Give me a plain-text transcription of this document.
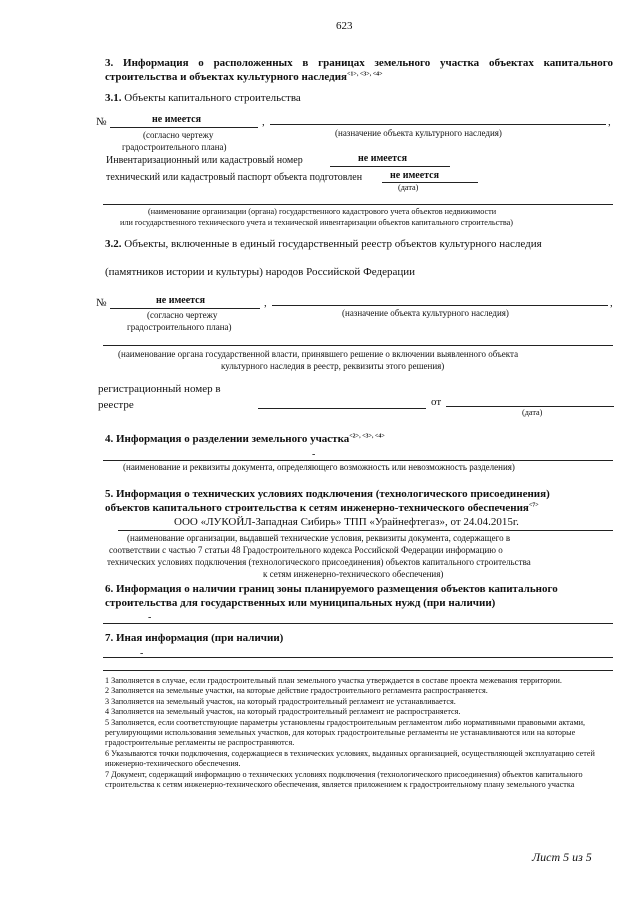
623
3. Информация о расположенных в границах земельного участка объектах капитального строительства и объектах культурного наследия$^{<1>, <3>, <4>}$
3.1. Объекты капитального строительства
№	не имеется	,	,
(согласно чертежу	(назначение объекта культурного наследия)
градостроительного плана)
Инвентаризационный или кадастровый номер	не имеется
технический или кадастровый паспорт объекта подготовлен	не имеется
(дата)
(наименование организации (органа) государственного кадастрового учета объектов недвижимости
или государственного технического учета и технической инвентаризации объектов капитального строительства)
3.2. Объекты, включенные в единый государственный реестр объектов культурного наследия
(памятников истории и культуры) народов Российской Федерации
№	не имеется	,	,
(согласно чертежу	(назначение объекта культурного наследия)
градостроительного плана)
(наименование органа государственной власти, принявшего решение о включении выявленного объекта
культурного наследия в реестр, реквизиты этого решения)
регистрационный номер в
реестре	от
(дата)
4. Информация о разделении земельного участка$^{<2>, <3>, <4>}$
-
(наименование и реквизиты документа, определяющего возможность или невозможность разделения)
5. Информация о технических условиях подключения (технологического присоединения)
объектов капитального строительства к сетям инженерно-технического обеспечения$^{<7>}$
ООО «ЛУКОЙЛ-Западная Сибирь» ТПП «Урайнефтегаз», от 24.04.2015г.
(наименование организации, выдавшей технические условия, реквизиты документа, содержащего в
соответствии с частью 7 статьи 48 Градостроительного кодекса Российской Федерации информацию о
технических условиях подключения (технологического присоединения) объектов капитального строительства
к сетям инженерно-технического обеспечения)
6. Информация о наличии границ зоны планируемого размещения объектов капитального
строительства для государственных или муниципальных нужд (при наличии)
-
7. Иная информация (при наличии)
-
1 Заполняется в случае, если градостроительный план земельного участка утверждается в составе проекта межевания территории.
2 Заполняется на земельные участки, на которые действие градостроительного регламента распространяется.
3 Заполняется на земельный участок, на который градостроительный регламент не устанавливается.
4 Заполняется на земельный участок, на который градостроительный регламент не распространяется.
5 Заполняется, если соответствующие параметры установлены градостроительным регламентом либо нормативными правовыми актами, регулирующими использования земельных участков, для которых градостроительные регламенты не устанавливаются или на которые градостроительные регламенты не распространяются.
6 Указываются точки подключения, содержащиеся в технических условиях, выданных организацией, осуществляющей эксплуатацию сетей инженерно-технического обеспечения.
7 Документ, содержащий информацию о технических условиях подключения (технологического присоединения) объектов капитального строительства к сетям инженерно-технического обеспечения, является приложением к градостроительному плану земельного участка
Лист 5 из 5
